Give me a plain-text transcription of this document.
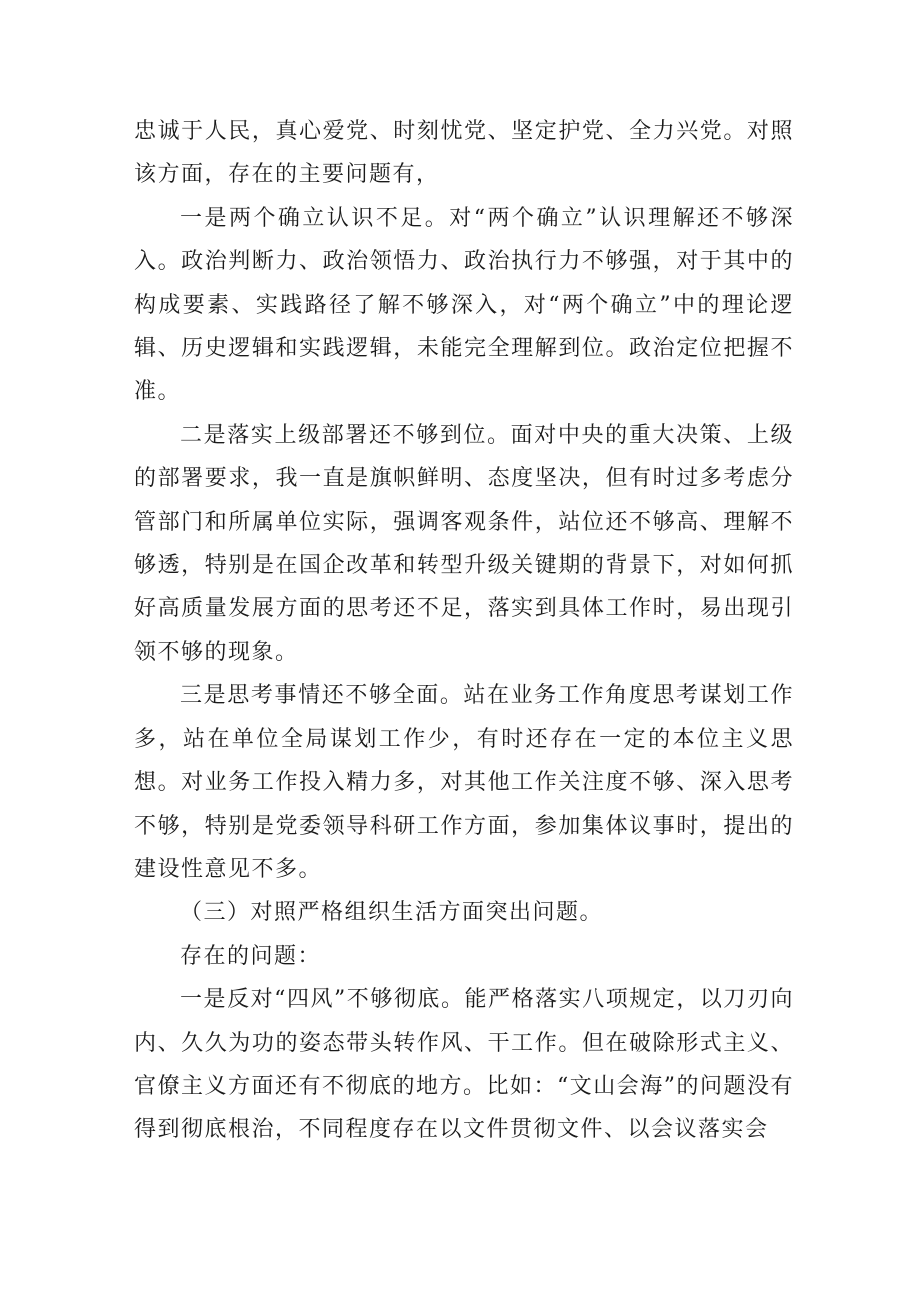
忠诚于人民，真心爱党、时刻忧党、坚定护党、全力兴党。对照该方面，存在的主要问题有，

一是两个确立认识不足。对“两个确立”认识理解还不够深入。政治判断力、政治领悟力、政治执行力不够强，对于其中的构成要素、实践路径了解不够深入，对“两个确立”中的理论逻辑、历史逻辑和实践逻辑，未能完全理解到位。政治定位把握不准。

二是落实上级部署还不够到位。面对中央的重大决策、上级的部署要求，我一直是旗帜鲜明、态度坚决，但有时过多考虑分管部门和所属单位实际，强调客观条件，站位还不够高、理解不够透，特别是在国企改革和转型升级关键期的背景下，对如何抓好高质量发展方面的思考还不足，落实到具体工作时，易出现引领不够的现象。

三是思考事情还不够全面。站在业务工作角度思考谋划工作多，站在单位全局谋划工作少，有时还存在一定的本位主义思想。对业务工作投入精力多，对其他工作关注度不够、深入思考不够，特别是党委领导科研工作方面，参加集体议事时，提出的建设性意见不多。

（三）对照严格组织生活方面突出问题。

存在的问题：

一是反对“四风”不够彻底。能严格落实八项规定，以刀刃向内、久久为功的姿态带头转作风、干工作。但在破除形式主义、官僚主义方面还有不彻底的地方。比如：“文山会海”的问题没有得到彻底根治，不同程度存在以文件贯彻文件、以会议落实会
